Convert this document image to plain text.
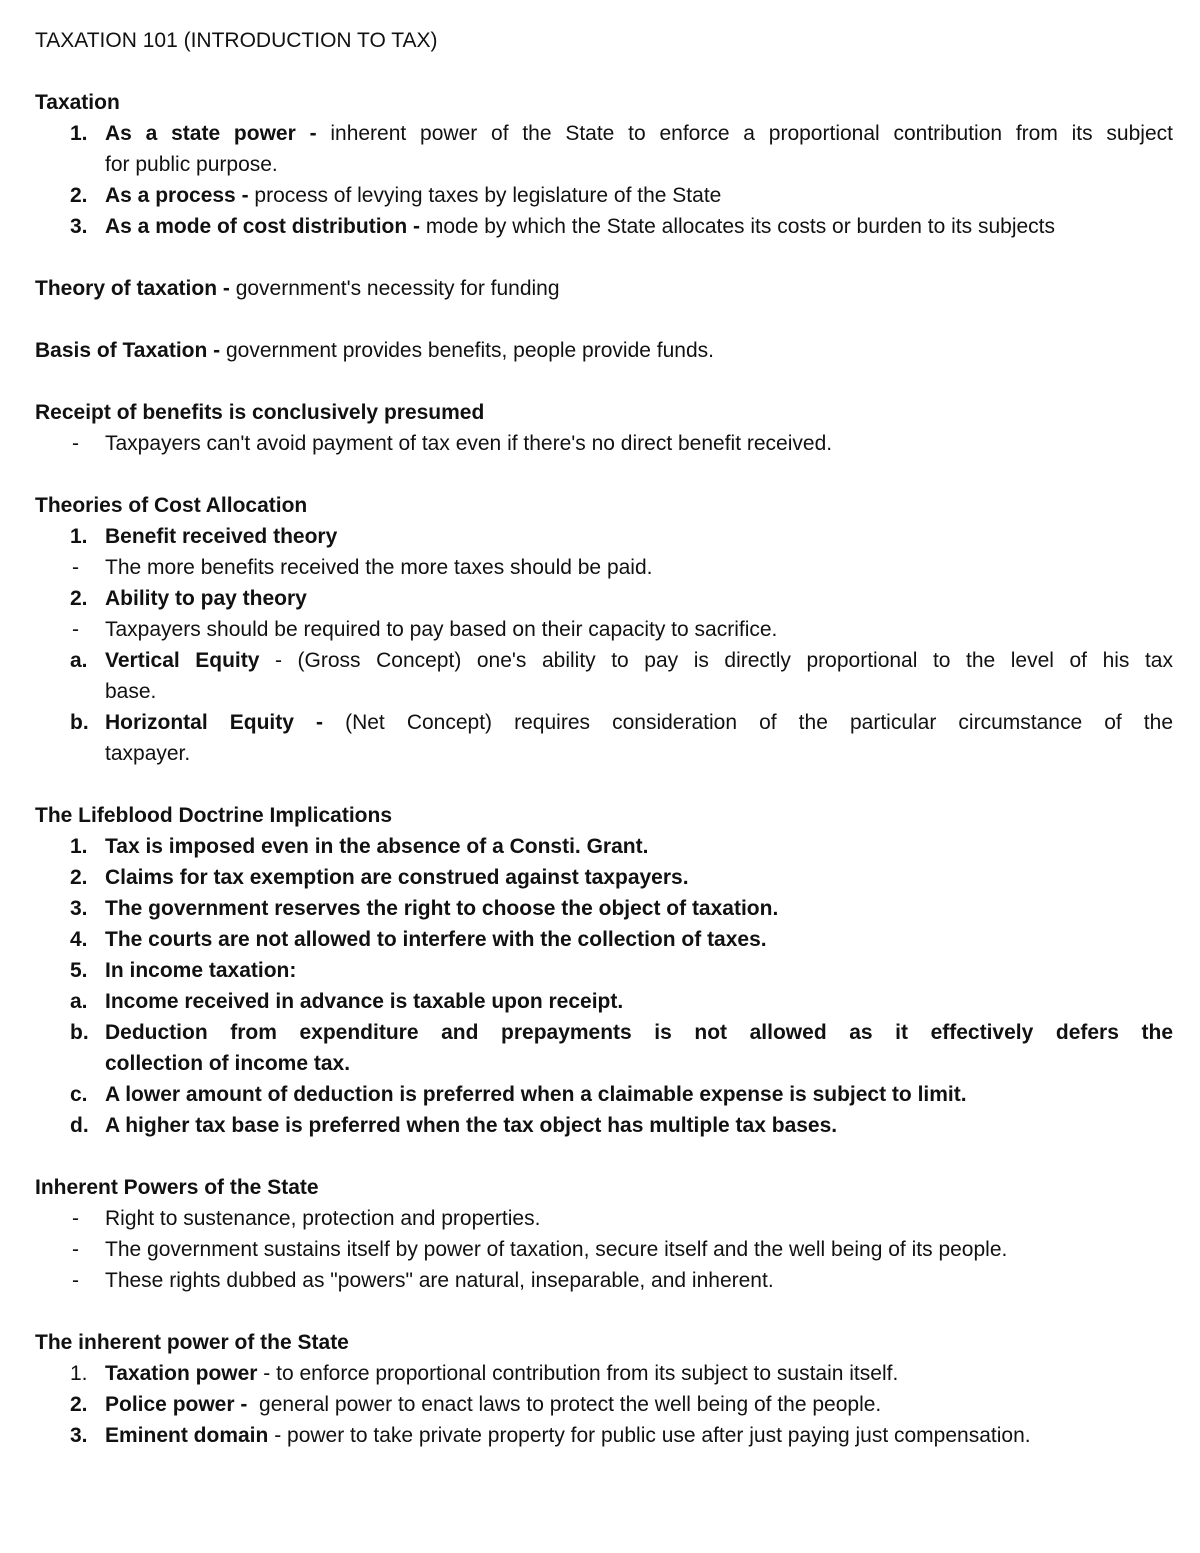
TAXATION 101 (INTRODUCTION TO TAX)
Taxation
1. As a state power - inherent power of the State to enforce a proportional contribution from its subject
for public purpose.
2. As a process - process of levying taxes by legislature of the State
3. As a mode of cost distribution - mode by which the State allocates its costs or burden to its subjects
Theory of taxation - government's necessity for funding
Basis of Taxation - government provides benefits, people provide funds.
Receipt of benefits is conclusively presumed
-	Taxpayers can't avoid payment of tax even if there's no direct benefit received.
Theories of Cost Allocation
1. Benefit received theory
-	The more benefits received the more taxes should be paid.
2. Ability to pay theory
-	Taxpayers should be required to pay based on their capacity to sacrifice.
a. Vertical Equity - (Gross Concept) one's ability to pay is directly proportional to the level of his tax
base.
b. Horizontal Equity - (Net Concept) requires consideration of the particular circumstance of the
taxpayer.
The Lifeblood Doctrine Implications
1. Tax is imposed even in the absence of a Consti. Grant.
2. Claims for tax exemption are construed against taxpayers.
3. The government reserves the right to choose the object of taxation.
4. The courts are not allowed to interfere with the collection of taxes.
5. In income taxation:
a. Income received in advance is taxable upon receipt.
b. Deduction from expenditure and prepayments is not allowed as it effectively defers the
collection of income tax.
c. A lower amount of deduction is preferred when a claimable expense is subject to limit.
d. A higher tax base is preferred when the tax object has multiple tax bases.
Inherent Powers of the State
-	Right to sustenance, protection and properties.
-	The government sustains itself by power of taxation, secure itself and the well being of its people.
-	These rights dubbed as "powers" are natural, inseparable, and inherent.
The inherent power of the State
1. Taxation power - to enforce proportional contribution from its subject to sustain itself.
2. Police power -  general power to enact laws to protect the well being of the people.
3. Eminent domain - power to take private property for public use after just paying just compensation.
